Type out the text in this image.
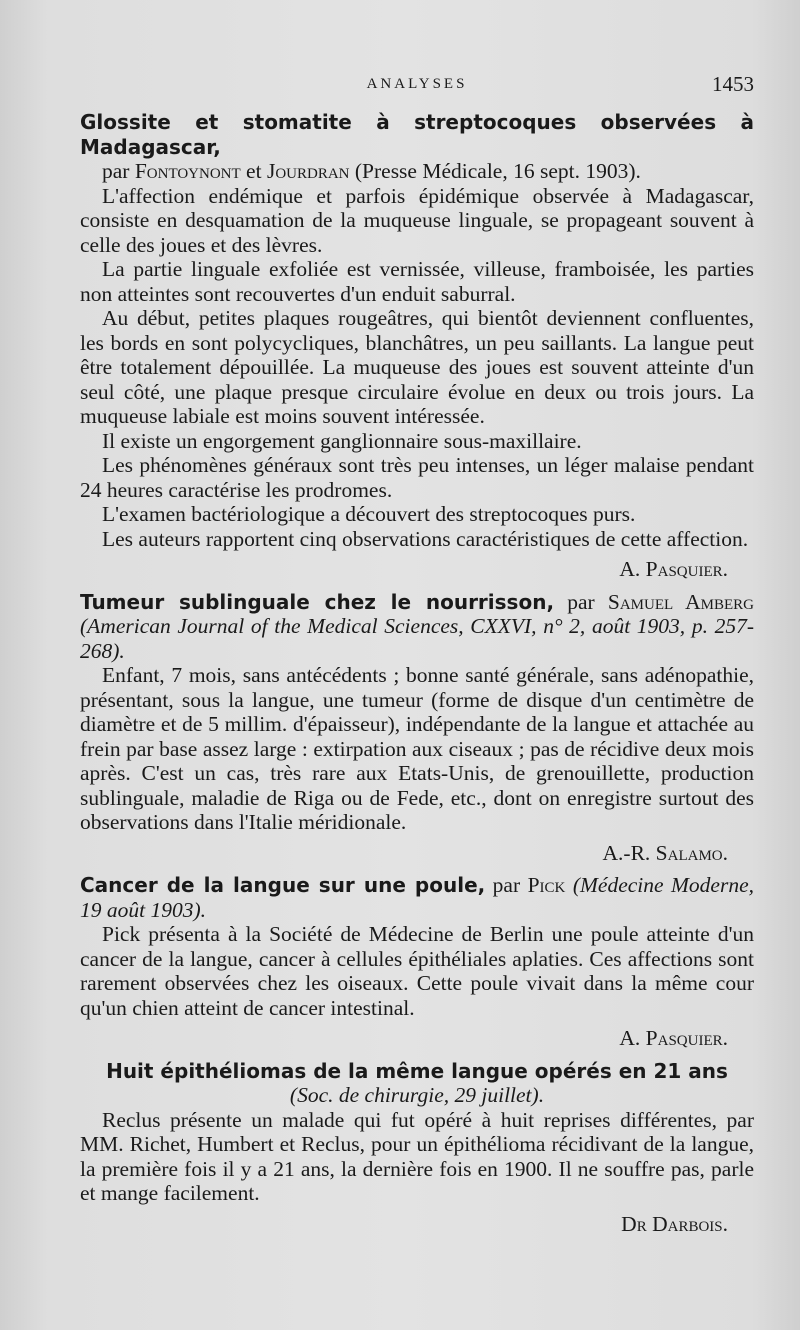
ANALYSES	1453
Glossite et stomatite à streptocoques observées à Madagascar,
par Fontoynont et Jourdran (Presse Médicale, 16 sept. 1903).

L'affection endémique et parfois épidémique observée à Madagascar, consiste en desquamation de la muqueuse linguale, se propageant souvent à celle des joues et des lèvres.

La partie linguale exfoliée est vernissée, villeuse, framboisée, les parties non atteintes sont recouvertes d'un enduit saburral.

Au début, petites plaques rougeâtres, qui bientôt deviennent confluentes, les bords en sont polycycliques, blanchâtres, un peu saillants. La langue peut être totalement dépouillée. La muqueuse des joues est souvent atteinte d'un seul côté, une plaque presque circulaire évolue en deux ou trois jours. La muqueuse labiale est moins souvent intéressée.

Il existe un engorgement ganglionnaire sous-maxillaire.

Les phénomènes généraux sont très peu intenses, un léger malaise pendant 24 heures caractérise les prodromes.

L'examen bactériologique a découvert des streptocoques purs.

Les auteurs rapportent cinq observations caractéristiques de cette affection.

A. Pasquier.
Tumeur sublinguale chez le nourrisson, par Samuel Amberg (American Journal of the Medical Sciences, CXXVI, n° 2, août 1903, p. 257-268).

Enfant, 7 mois, sans antécédents ; bonne santé générale, sans adénopathie, présentant, sous la langue, une tumeur (forme de disque d'un centimètre de diamètre et de 5 millim. d'épaisseur), indépendante de la langue et attachée au frein par base assez large : extirpation aux ciseaux ; pas de récidive deux mois après. C'est un cas, très rare aux Etats-Unis, de grenouillette, production sublinguale, maladie de Riga ou de Fede, etc., dont on enregistre surtout des observations dans l'Italie méridionale.

A.-R. Salamo.
Cancer de la langue sur une poule, par Pick (Médecine Moderne, 19 août 1903).

Pick présenta à la Société de Médecine de Berlin une poule atteinte d'un cancer de la langue, cancer à cellules épithéliales aplaties. Ces affections sont rarement observées chez les oiseaux. Cette poule vivait dans la même cour qu'un chien atteint de cancer intestinal.

A. Pasquier.
Huit épithéliomas de la même langue opérés en 21 ans
(Soc. de chirurgie, 29 juillet).

Reclus présente un malade qui fut opéré à huit reprises différentes, par MM. Richet, Humbert et Reclus, pour un épithélioma récidivant de la langue, la première fois il y a 21 ans, la dernière fois en 1900. Il ne souffre pas, parle et mange facilement.

Dr Darbois.
